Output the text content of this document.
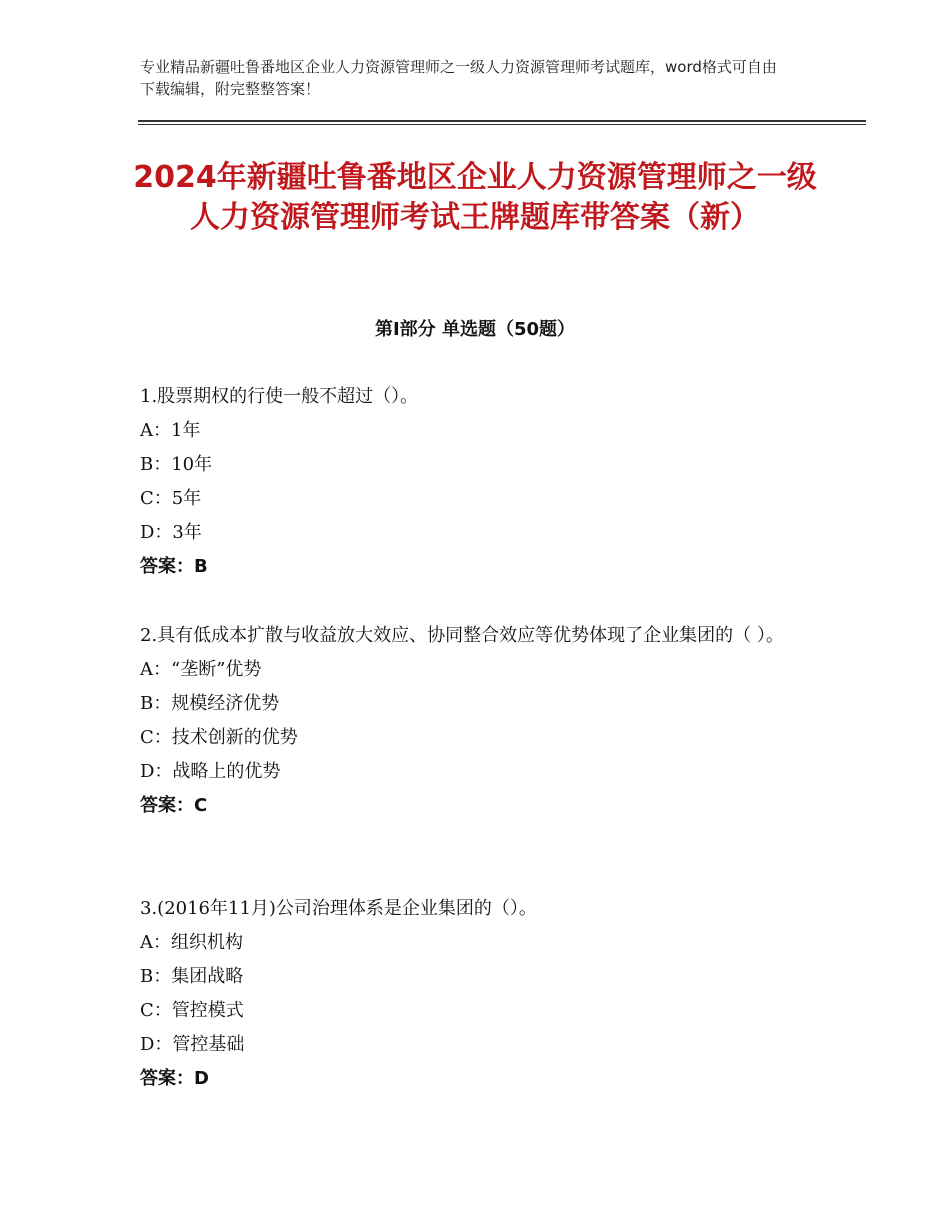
专业精品新疆吐鲁番地区企业人力资源管理师之一级人力资源管理师考试题库，word格式可自由下载编辑，附完整整答案！
2024年新疆吐鲁番地区企业人力资源管理师之一级人力资源管理师考试王牌题库带答案（新）
第Ⅰ部分 单选题（50题）

1.股票期权的行使一般不超过（）。

A：1年

B：10年

C：5年

D：3年

答案：B

2.具有低成本扩散与收益放大效应、协同整合效应等优势体现了企业集团的（ ）。

A：“垄断”优势

B：规模经济优势

C：技术创新的优势

D：战略上的优势

答案：C

3.(2016年11月)公司治理体系是企业集团的（）。

A：组织机构

B：集团战略

C：管控模式

D：管控基础

答案：D
